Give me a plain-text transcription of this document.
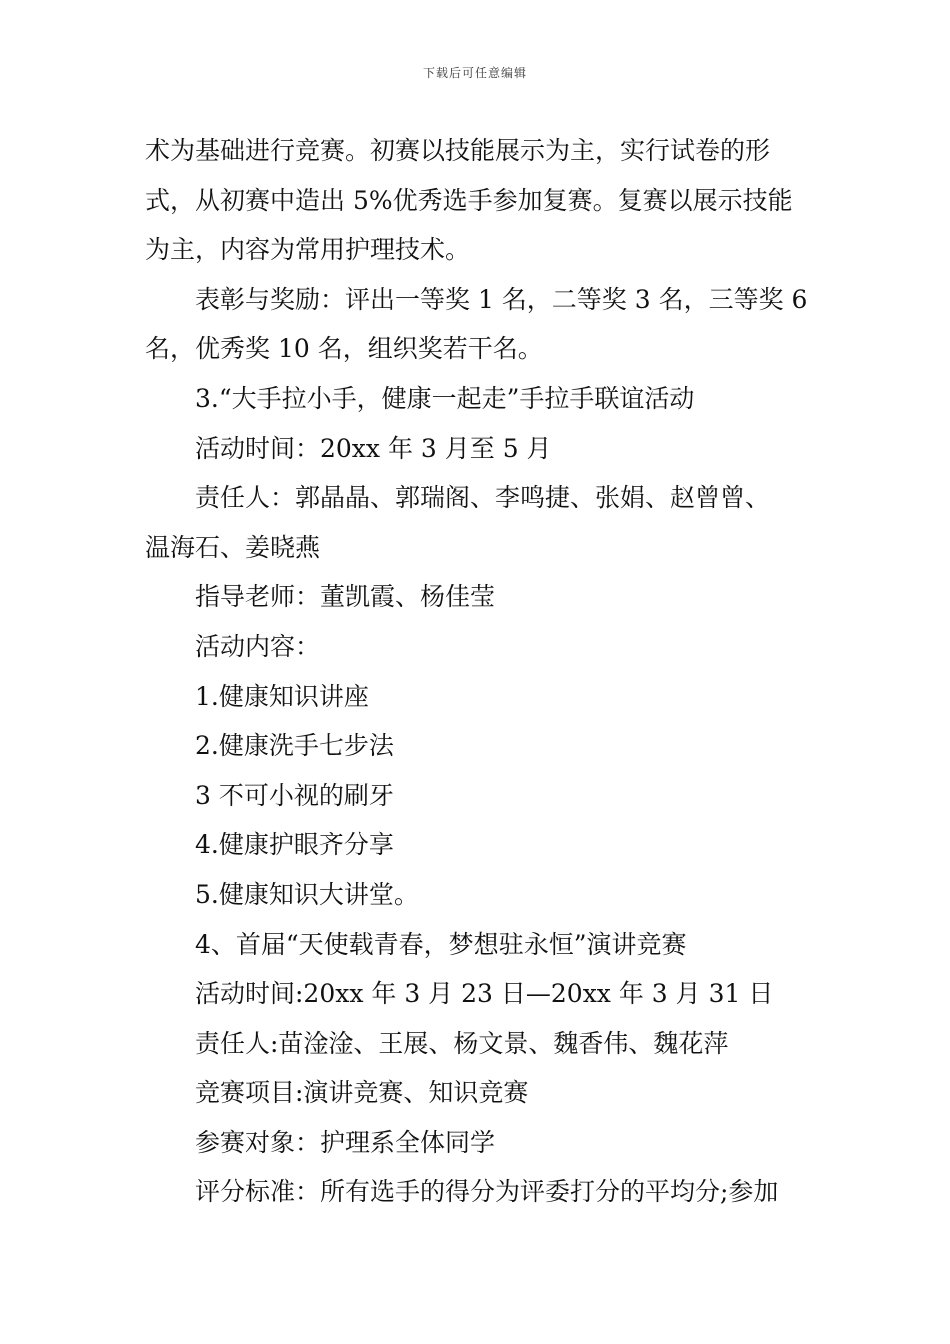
下载后可任意编辑

术为基础进行竞赛。初赛以技能展示为主，实行试卷的形

式，从初赛中造出 5%优秀选手参加复赛。复赛以展示技能

为主，内容为常用护理技术。

表彰与奖励：评出一等奖 1 名，二等奖 3 名，三等奖 6

名，优秀奖 10 名，组织奖若干名。

3.“大手拉小手，健康一起走”手拉手联谊活动

活动时间：20xx 年 3 月至 5 月

责任人：郭晶晶、郭瑞阁、李鸣捷、张娟、赵曾曾、

温海石、姜晓燕

指导老师：董凯霞、杨佳莹

活动内容：

1.健康知识讲座

2.健康洗手七步法

3 不可小视的刷牙

4.健康护眼齐分享

5.健康知识大讲堂。

4、首届“天使载青春，梦想驻永恒”演讲竞赛

活动时间:20xx 年 3 月 23 日—20xx 年 3 月 31 日

责任人:苗淦淦、王展、杨文景、魏香伟、魏花萍

竞赛项目:演讲竞赛、知识竞赛

参赛对象：护理系全体同学

评分标准：所有选手的得分为评委打分的平均分;参加
